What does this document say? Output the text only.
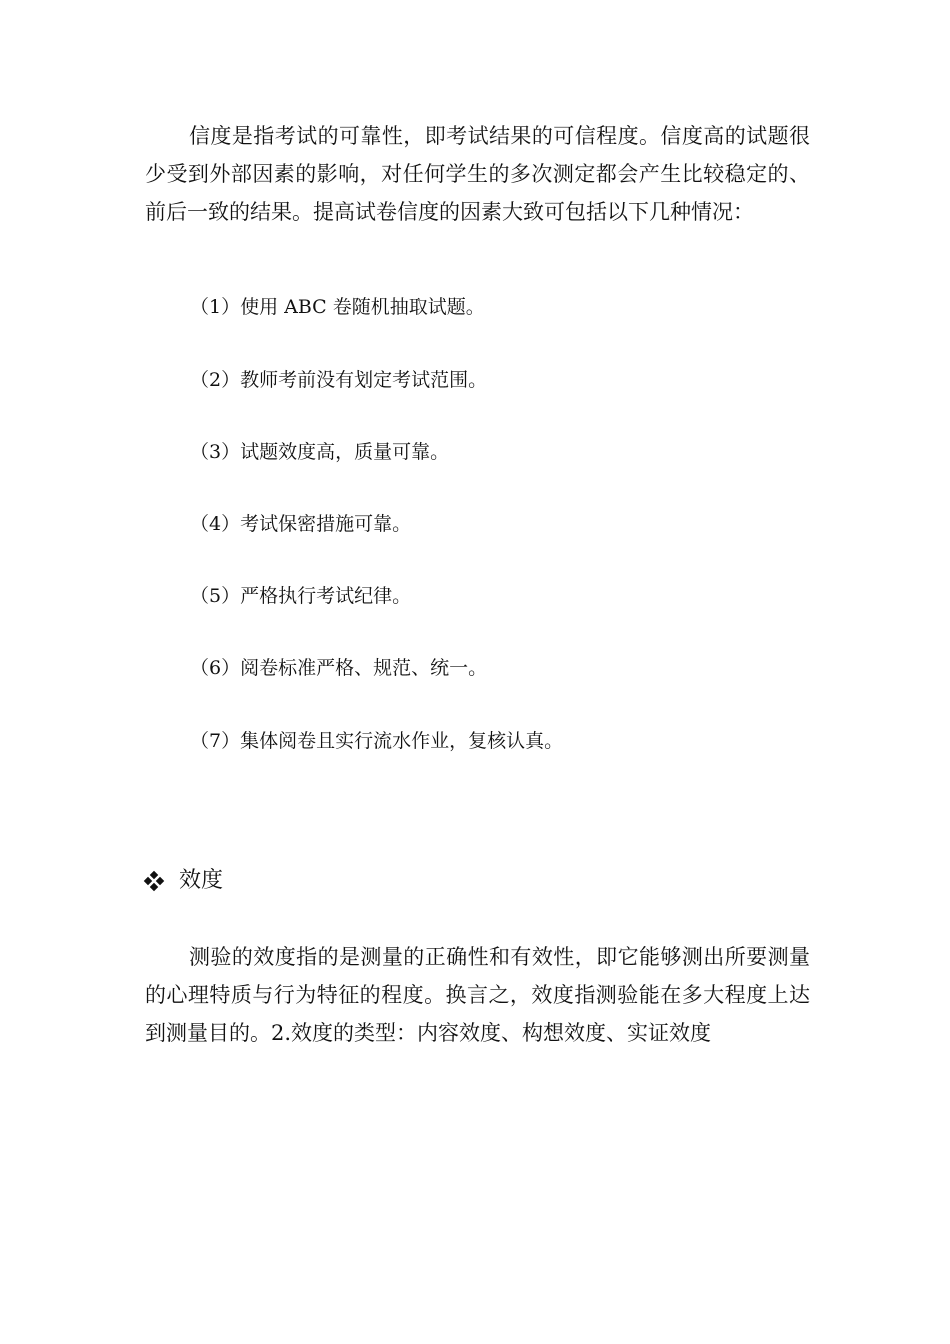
信度是指考试的可靠性，即考试结果的可信程度。信度高的试题很少受到外部因素的影响，对任何学生的多次测定都会产生比较稳定的、前后一致的结果。提高试卷信度的因素大致可包括以下几种情况：

（1）使用 ABC 卷随机抽取试题。

（2）教师考前没有划定考试范围。

（3）试题效度高，质量可靠。

（4）考试保密措施可靠。

（5）严格执行考试纪律。

（6）阅卷标准严格、规范、统一。

（7）集体阅卷且实行流水作业，复核认真。

效度

测验的效度指的是测量的正确性和有效性，即它能够测出所要测量的心理特质与行为特征的程度。换言之，效度指测验能在多大程度上达到测量目的。2.效度的类型：内容效度、构想效度、实证效度
